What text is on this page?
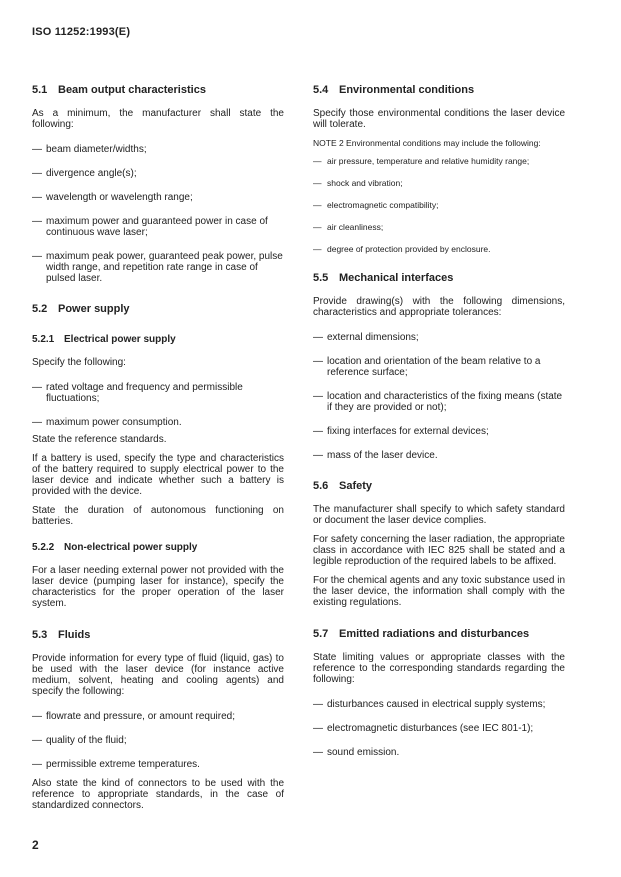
ISO 11252:1993(E)
5.1 Beam output characteristics

As a minimum, the manufacturer shall state the following:

— beam diameter/widths;
— divergence angle(s);
— wavelength or wavelength range;
— maximum power and guaranteed power in case of continuous wave laser;
— maximum peak power, guaranteed peak power, pulse width range, and repetition rate range in case of pulsed laser.
5.2 Power supply
5.2.1 Electrical power supply

Specify the following:

— rated voltage and frequency and permissible fluctuations;
— maximum power consumption.

State the reference standards.

If a battery is used, specify the type and characteristics of the battery required to supply electrical power to the laser device and indicate whether such a battery is provided with the device.

State the duration of autonomous functioning on batteries.

5.2.2 Non-electrical power supply

For a laser needing external power not provided with the laser device (pumping laser for instance), specify the characteristics for the proper operation of the laser system.

5.3 Fluids

Provide information for every type of fluid (liquid, gas) to be used with the laser device (for instance active medium, solvent, heating and cooling agents) and specify the following:

— flowrate and pressure, or amount required;
— quality of the fluid;
— permissible extreme temperatures.

Also state the kind of connectors to be used with the reference to appropriate standards, in the case of standardized connectors.

5.4 Environmental conditions

Specify those environmental conditions the laser device will tolerate.

NOTE 2 Environmental conditions may include the following:

— air pressure, temperature and relative humidity range;
— shock and vibration;
— electromagnetic compatibility;
— air cleanliness;
— degree of protection provided by enclosure.
5.5 Mechanical interfaces

Provide drawing(s) with the following dimensions, characteristics and appropriate tolerances:

— external dimensions;
— location and orientation of the beam relative to a reference surface;
— location and characteristics of the fixing means (state if they are provided or not);
— fixing interfaces for external devices;
— mass of the laser device.
5.6 Safety

The manufacturer shall specify to which safety standard or document the laser device complies.

For safety concerning the laser radiation, the appropriate class in accordance with IEC 825 shall be stated and a legible reproduction of the required labels to be affixed.

For the chemical agents and any toxic substance used in the laser device, the information shall comply with the existing regulations.

5.7 Emitted radiations and disturbances

State limiting values or appropriate classes with the reference to the corresponding standards regarding the following:

— disturbances caused in electrical supply systems;
— electromagnetic disturbances (see IEC 801-1);
— sound emission.
2
